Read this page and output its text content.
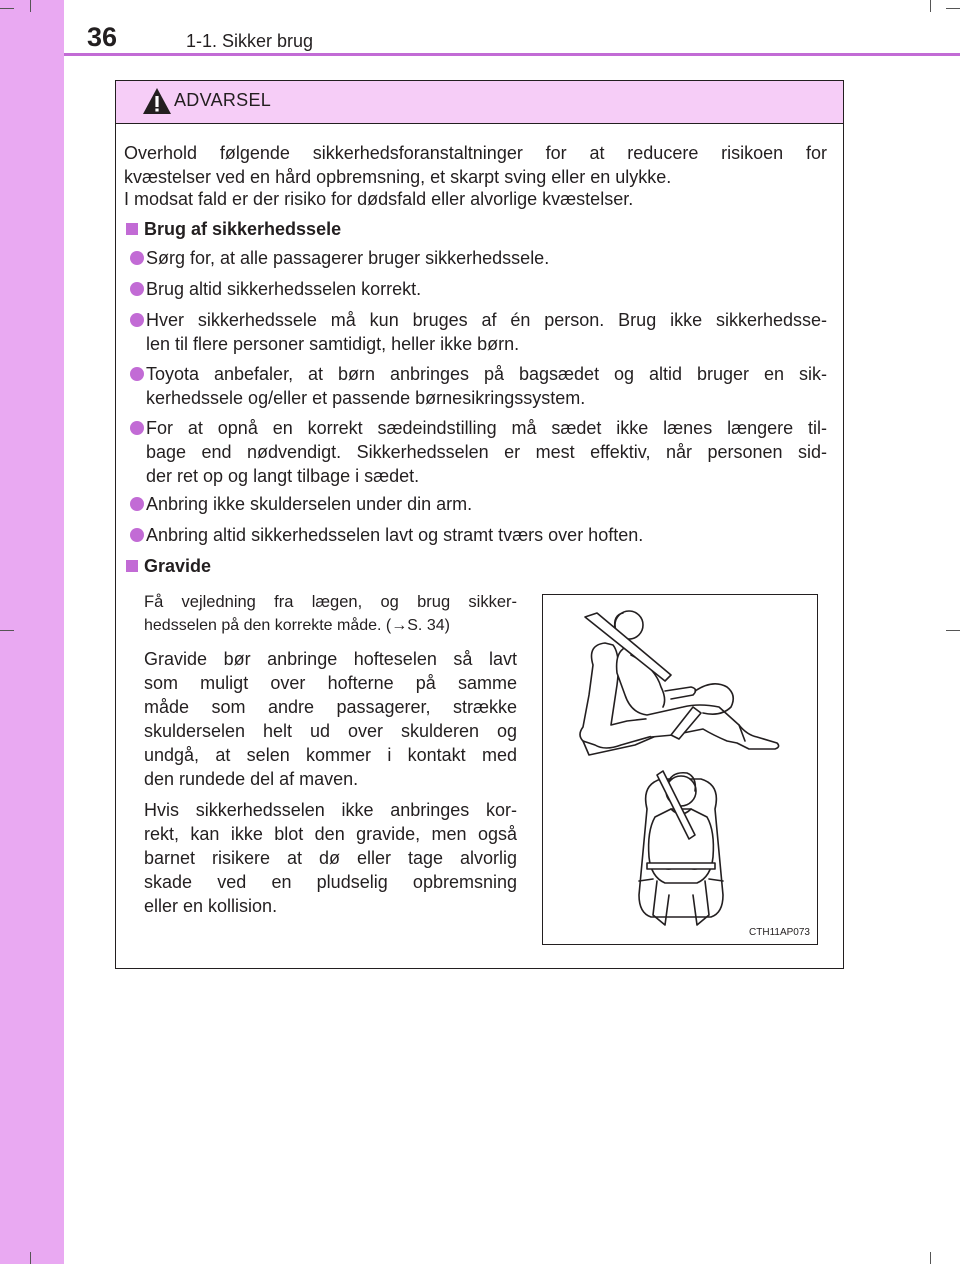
36	1-1. Sikker brug
ADVARSEL
Overhold følgende sikkerhedsforanstaltninger for at reducere risikoen for
kvæstelser ved en hård opbremsning, et skarpt sving eller en ulykke.
I modsat fald er der risiko for dødsfald eller alvorlige kvæstelser.
Brug af sikkerhedssele
Sørg for, at alle passagerer bruger sikkerhedssele.
Brug altid sikkerhedsselen korrekt.
Hver sikkerhedssele må kun bruges af én person. Brug ikke sikkerhedsse-
len til flere personer samtidigt, heller ikke børn.
Toyota anbefaler, at børn anbringes på bagsædet og altid bruger en sik-
kerhedssele og/eller et passende børnesikringssystem.
For at opnå en korrekt sædeindstilling må sædet ikke lænes længere til-
bage end nødvendigt. Sikkerhedsselen er mest effektiv, når personen sid-
der ret op og langt tilbage i sædet.
Anbring ikke skulderselen under din arm.
Anbring altid sikkerhedsselen lavt og stramt tværs over hoften.
Gravide
Få vejledning fra lægen, og brug sikker-
hedsselen på den korrekte måde. (→S. 34)
Gravide bør anbringe hofteselen så lavt
som muligt over hofterne på samme
måde som andre passagerer, strække
skulderselen helt ud over skulderen og
undgå, at selen kommer i kontakt med
den rundede del af maven.
Hvis sikkerhedsselen ikke anbringes kor-
rekt, kan ikke blot den gravide, men også
barnet risikere at dø eller tage alvorlig
skade ved en pludselig opbremsning
eller en kollision.
CTH11AP073
